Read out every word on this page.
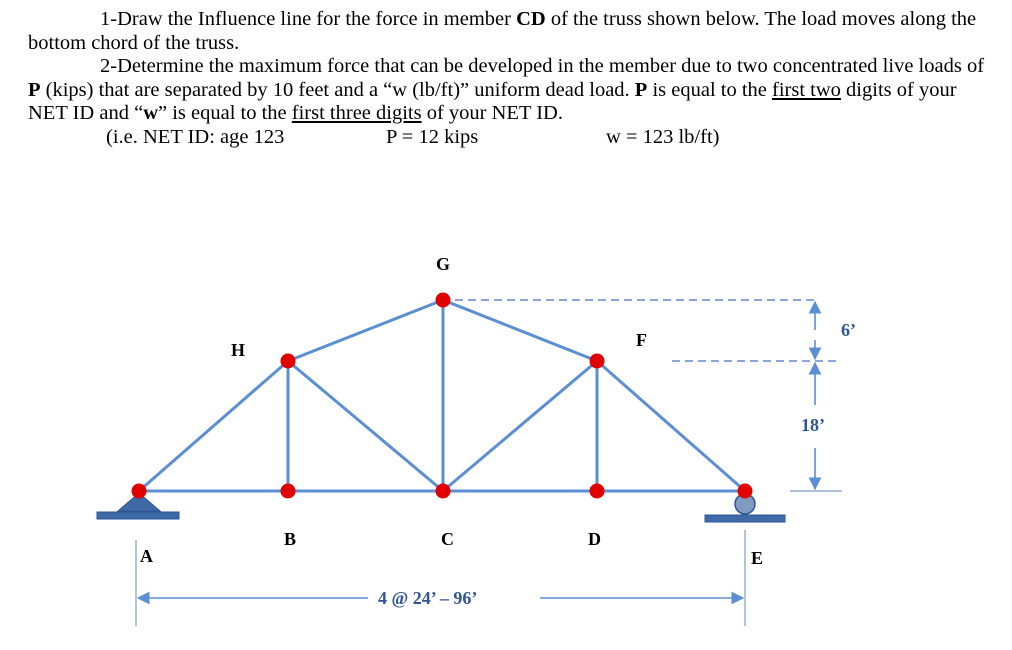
1-Draw the Influence line for the force in member CD of the truss shown below. The load moves along the bottom chord of the truss.

2-Determine the maximum force that can be developed in the member due to two concentrated live loads of P (kips) that are separated by 10 feet and a “w (lb/ft)” uniform dead load. P is equal to the first two digits of your NET ID and “w” is equal to the first three digits of your NET ID.

(i.e. NET ID: age 123	P = 12 kips	w = 123 lb/ft)
G
H	F
B	C	D
A	E
4 @ 24’ – 96’
6’
18’
